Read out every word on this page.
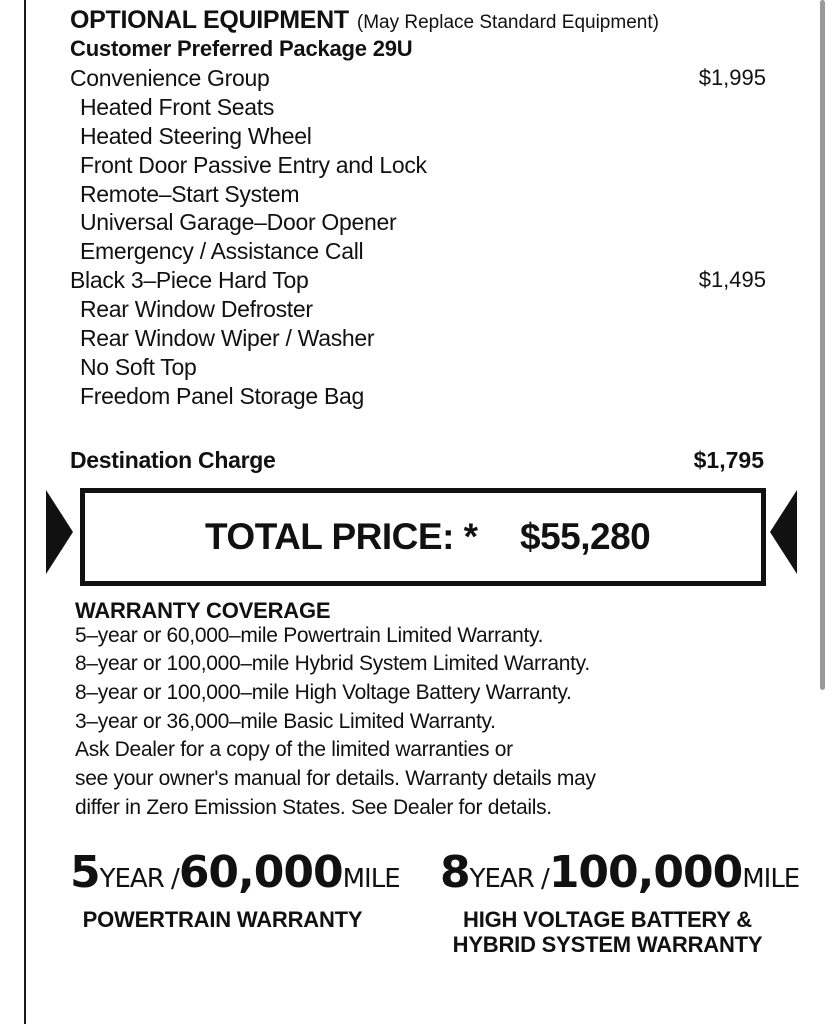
OPTIONAL EQUIPMENT (May Replace Standard Equipment)
Customer Preferred Package 29U
Convenience Group	$1,995
Heated Front Seats
Heated Steering Wheel
Front Door Passive Entry and Lock
Remote–Start System
Universal Garage–Door Opener
Emergency / Assistance Call
Black 3–Piece Hard Top	$1,495
Rear Window Defroster
Rear Window Wiper / Washer
No Soft Top
Freedom Panel Storage Bag
Destination Charge	$1,795
TOTAL PRICE: * $55,280
WARRANTY COVERAGE
5–year or 60,000–mile Powertrain Limited Warranty.
8–year or 100,000–mile Hybrid System Limited Warranty.
8–year or 100,000–mile High Voltage Battery Warranty.
3–year or 36,000–mile Basic Limited Warranty.
Ask Dealer for a copy of the limited warranties or
see your owner's manual for details. Warranty details may
differ in Zero Emission States. See Dealer for details.
5YEAR /60,000MILE
POWERTRAIN WARRANTY
8YEAR /100,000MILE
HIGH VOLTAGE BATTERY &
HYBRID SYSTEM WARRANTY
